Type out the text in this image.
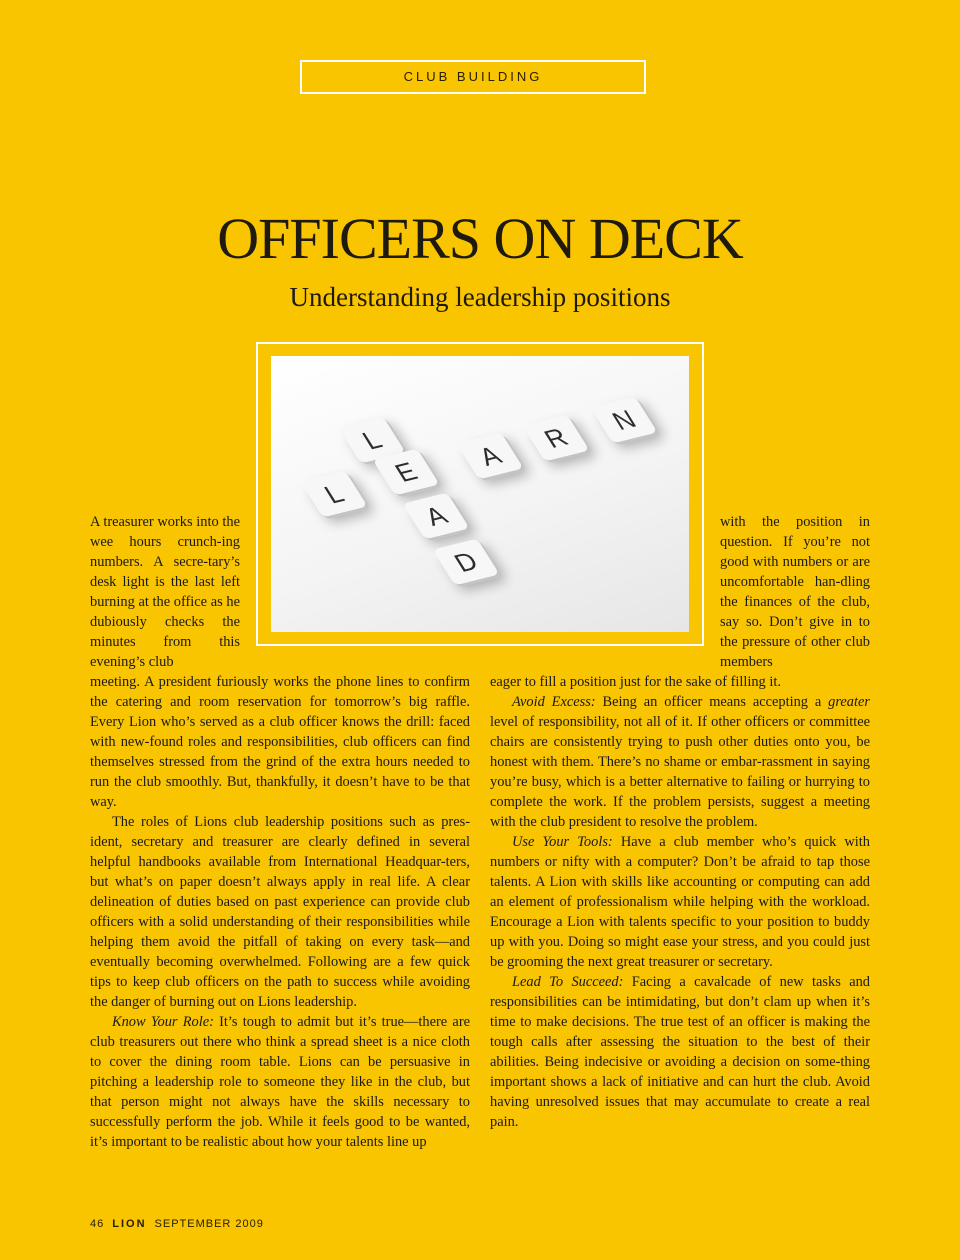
CLUB BUILDING
OFFICERS ON DECK
Understanding leadership positions
L
E
A
R
N
L
A
D

A treasurer works into the wee hours crunch-ing numbers. A secre-tary’s desk light is the last left burning at the office as he dubiously checks the minutes from this evening’s club

meeting. A president furiously works the phone lines to confirm the catering and room reservation for tomorrow’s big raffle. Every Lion who’s served as a club officer knows the drill: faced with new-found roles and responsibilities, club officers can find themselves stressed from the grind of the extra hours needed to run the club smoothly. But, thankfully, it doesn’t have to be that way.

The roles of Lions club leadership positions such as pres-ident, secretary and treasurer are clearly defined in several helpful handbooks available from International Headquar-ters, but what’s on paper doesn’t always apply in real life. A clear delineation of duties based on past experience can provide club officers with a solid understanding of their responsibilities while helping them avoid the pitfall of taking on every task—and eventually becoming overwhelmed. Following are a few quick tips to keep club officers on the path to success while avoiding the danger of burning out on Lions leadership.

Know Your Role: It’s tough to admit but it’s true—there are club treasurers out there who think a spread sheet is a nice cloth to cover the dining room table. Lions can be persuasive in pitching a leadership role to someone they like in the club, but that person might not always have the skills necessary to successfully perform the job. While it feels good to be wanted, it’s important to be realistic about how your talents line up

with the position in question. If you’re not good with numbers or are uncomfortable han-dling the finances of the club, say so. Don’t give in to the pressure of other club members

eager to fill a position just for the sake of filling it.

Avoid Excess: Being an officer means accepting a greater level of responsibility, not all of it. If other officers or committee chairs are consistently trying to push other duties onto you, be honest with them. There’s no shame or embar-rassment in saying you’re busy, which is a better alternative to failing or hurrying to complete the work. If the problem persists, suggest a meeting with the club president to resolve the problem.

Use Your Tools: Have a club member who’s quick with numbers or nifty with a computer? Don’t be afraid to tap those talents. A Lion with skills like accounting or computing can add an element of professionalism while helping with the workload. Encourage a Lion with talents specific to your position to buddy up with you. Doing so might ease your stress, and you could just be grooming the next great treasurer or secretary.

Lead To Succeed: Facing a cavalcade of new tasks and responsibilities can be intimidating, but don’t clam up when it’s time to make decisions. The true test of an officer is making the tough calls after assessing the situation to the best of their abilities. Being indecisive or avoiding a decision on some-thing important shows a lack of initiative and can hurt the club. Avoid having unresolved issues that may accumulate to create a real pain.

46 LION SEPTEMBER 2009
